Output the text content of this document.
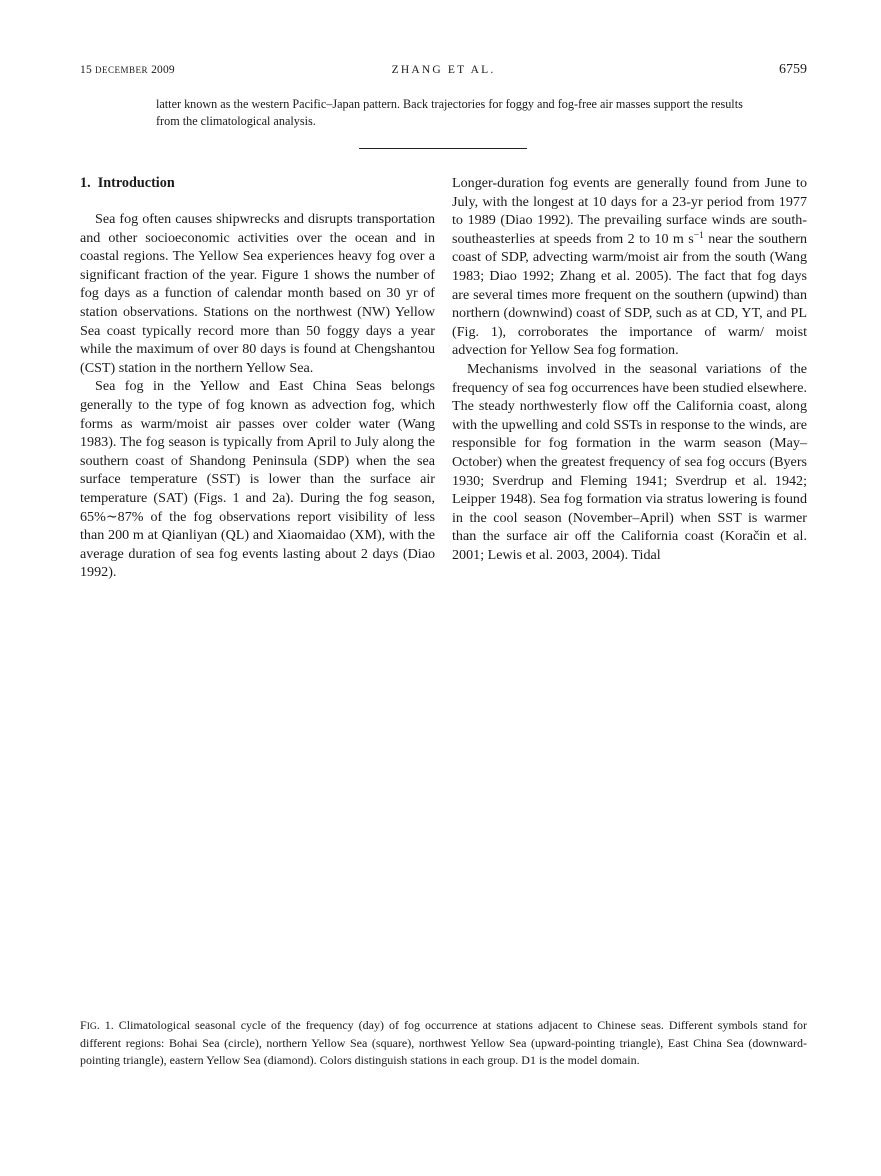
15 DECEMBER 2009	ZHANG ET AL.	6759
latter known as the western Pacific–Japan pattern. Back trajectories for foggy and fog-free air masses support the results from the climatological analysis.
1. Introduction

Sea fog often causes shipwrecks and disrupts transportation and other socioeconomic activities over the ocean and in coastal regions. The Yellow Sea experiences heavy fog over a significant fraction of the year. Figure 1 shows the number of fog days as a function of calendar month based on 30 yr of station observations. Stations on the northwest (NW) Yellow Sea coast typically record more than 50 foggy days a year while the maximum of over 80 days is found at Chengshantou (CST) station in the northern Yellow Sea.

Sea fog in the Yellow and East China Seas belongs generally to the type of fog known as advection fog, which forms as warm/moist air passes over colder water (Wang 1983). The fog season is typically from April to July along the southern coast of Shandong Peninsula (SDP) when the sea surface temperature (SST) is lower than the surface air temperature (SAT) (Figs. 1 and 2a). During the fog season, 65%∼87% of the fog observations report visibility of less than 200 m at Qianliyan (QL) and Xiaomaidao (XM), with the average duration of sea fog events lasting about 2 days (Diao 1992).

Longer-duration fog events are generally found from June to July, with the longest at 10 days for a 23-yr period from 1977 to 1989 (Diao 1992). The prevailing surface winds are south-southeasterlies at speeds from 2 to 10 m $s^{-1}$ near the southern coast of SDP, advecting warm/moist air from the south (Wang 1983; Diao 1992; Zhang et al. 2005). The fact that fog days are several times more frequent on the southern (upwind) than northern (downwind) coast of SDP, such as at CD, YT, and PL (Fig. 1), corroborates the importance of warm/ moist advection for Yellow Sea fog formation.

Mechanisms involved in the seasonal variations of the frequency of sea fog occurrences have been studied elsewhere. The steady northwesterly flow off the California coast, along with the upwelling and cold SSTs in response to the winds, are responsible for fog formation in the warm season (May–October) when the greatest frequency of sea fog occurs (Byers 1930; Sverdrup and Fleming 1941; Sverdrup et al. 1942; Leipper 1948). Sea fog formation via stratus lowering is found in the cool season (November–April) when SST is warmer than the surface air off the California coast (Koračin et al. 2001; Lewis et al. 2003, 2004). Tidal

FIG. 1. Climatological seasonal cycle of the frequency (day) of fog occurrence at stations adjacent to Chinese seas. Different symbols stand for different regions: Bohai Sea (circle), northern Yellow Sea (square), northwest Yellow Sea (upward-pointing triangle), East China Sea (downward-pointing triangle), eastern Yellow Sea (diamond). Colors distinguish stations in each group. D1 is the model domain.
